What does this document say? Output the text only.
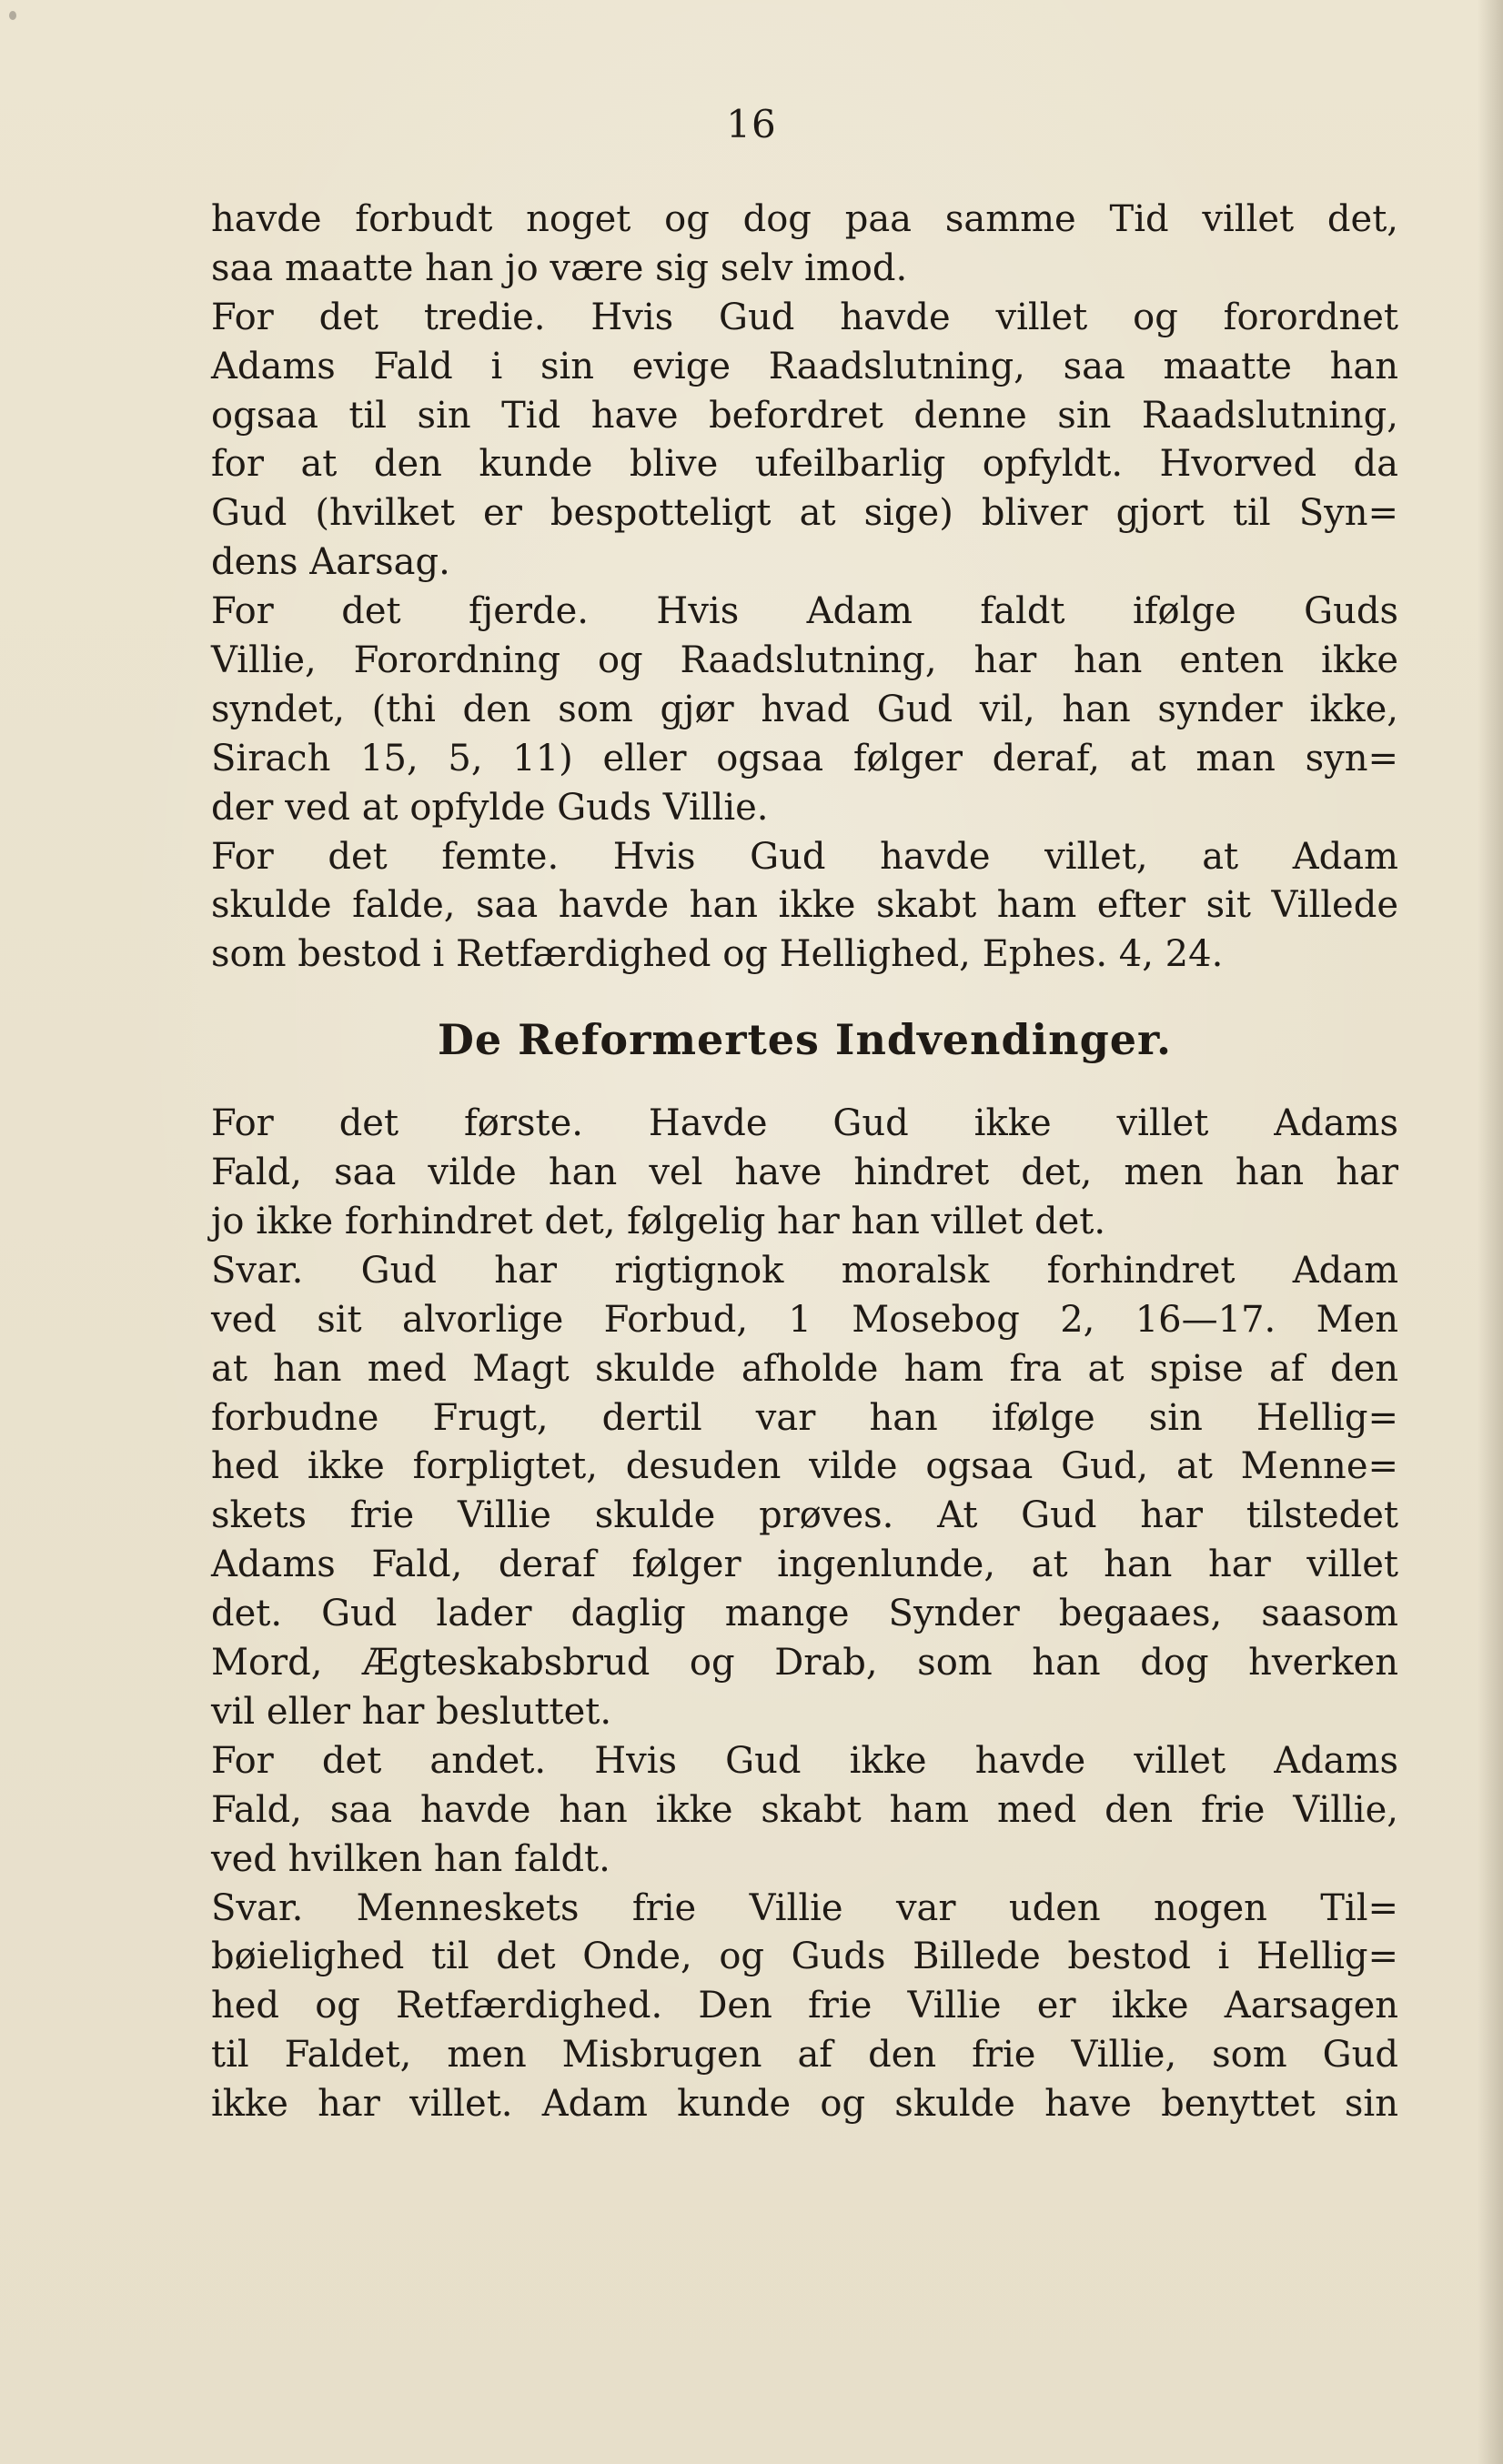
16
havde forbudt noget og dog paa samme Tid villet det,
saa maatte han jo være sig selv imod.
For det tredie. Hvis Gud havde villet og forordnet
Adams Fald i sin evige Raadslutning, saa maatte han
ogsaa til sin Tid have befordret denne sin Raadslutning,
for at den kunde blive ufeilbarlig opfyldt. Hvorved da
Gud (hvilket er bespotteligt at sige) bliver gjort til Syn=
dens Aarsag.
For det fjerde. Hvis Adam faldt ifølge Guds
Villie, Forordning og Raadslutning, har han enten ikke
syndet, (thi den som gjør hvad Gud vil, han synder ikke,
Sirach 15, 5, 11) eller ogsaa følger deraf, at man syn=
der ved at opfylde Guds Villie.
For det femte. Hvis Gud havde villet, at Adam
skulde falde, saa havde han ikke skabt ham efter sit Villede
som bestod i Retfærdighed og Hellighed, Ephes. 4, 24.
De Reformertes Indvendinger.
For det første. Havde Gud ikke villet Adams
Fald, saa vilde han vel have hindret det, men han har
jo ikke forhindret det, følgelig har han villet det.
Svar. Gud har rigtignok moralsk forhindret Adam
ved sit alvorlige Forbud, 1 Mosebog 2, 16—17. Men
at han med Magt skulde afholde ham fra at spise af den
forbudne Frugt, dertil var han ifølge sin Hellig=
hed ikke forpligtet, desuden vilde ogsaa Gud, at Menne=
skets frie Villie skulde prøves. At Gud har tilstedet
Adams Fald, deraf følger ingenlunde, at han har villet
det. Gud lader daglig mange Synder begaaes, saasom
Mord, Ægteskabsbrud og Drab, som han dog hverken
vil eller har besluttet.
For det andet. Hvis Gud ikke havde villet Adams
Fald, saa havde han ikke skabt ham med den frie Villie,
ved hvilken han faldt.
Svar. Menneskets frie Villie var uden nogen Til=
bøielighed til det Onde, og Guds Billede bestod i Hellig=
hed og Retfærdighed. Den frie Villie er ikke Aarsagen
til Faldet, men Misbrugen af den frie Villie, som Gud
ikke har villet. Adam kunde og skulde have benyttet sin
